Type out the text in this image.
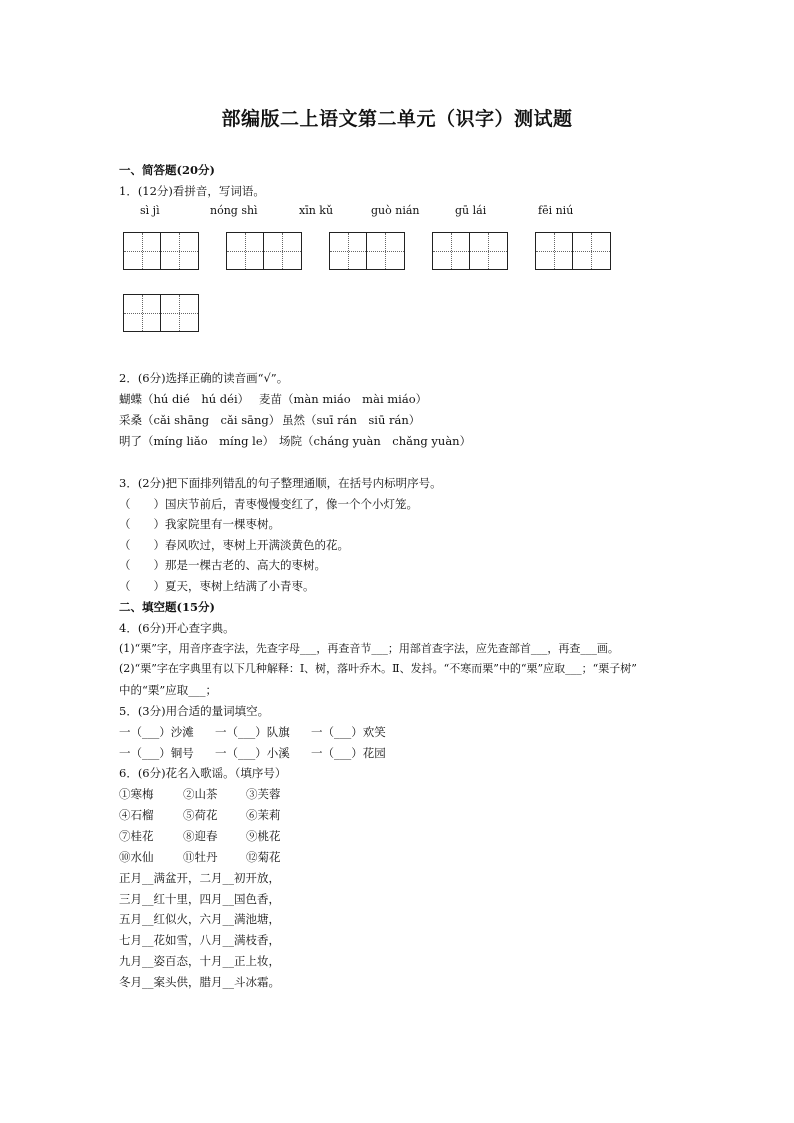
部编版二上语文第二单元（识字）测试题
一、简答题(20分)
1．(12分)看拼音，写词语。
sì jì	nóng shì	xīn kǔ	guò nián	gū lái	fēi niú
2．(6分)选择正确的读音画“√”。
蝴蝶（hú dié　hú déi） 麦苗（màn miáo　mài miáo）
采桑（cǎi shāng　cǎi sāng） 虽然（suī rán　siū rán）
明了（míng liǎo　míng le） 场院（cháng yuàn　chǎng yuàn）
3．(2分)把下面排列错乱的句子整理通顺，在括号内标明序号。
（　　）国庆节前后，青枣慢慢变红了，像一个个小灯笼。
（　　）我家院里有一棵枣树。
（　　）春风吹过，枣树上开满淡黄色的花。
（　　）那是一棵古老的、高大的枣树。
（　　）夏天，枣树上结满了小青枣。
二、填空题(15分)
4．(6分)开心查字典。
(1)“栗”字，用音序查字法，先查字母___，再查音节___；用部首查字法，应先查部首___，再查___画。
(2)“栗”字在字典里有以下几种解释：Ⅰ、树，落叶乔木。Ⅱ、发抖。“不寒而栗”中的“栗”应取___；“栗子树”
中的“栗”应取___；
5．(3分)用合适的量词填空。
一（___）沙滩 一（___）队旗 一（___）欢笑
一（___）铜号 一（___）小溪 一（___）花园
6．(6分)花名入歌谣。（填序号）
①寒梅	②山茶 ③芙蓉
④石榴	⑤荷花 ⑥茉莉
⑦桂花	⑧迎春 ⑨桃花
⑩水仙	⑪牡丹 ⑫菊花
正月__满盆开，二月__初开放，
三月__红十里，四月__国色香，
五月__红似火，六月__满池塘，
七月__花如雪，八月__满枝香，
九月__姿百态，十月__正上妆，
冬月__案头供，腊月__斗冰霜。
